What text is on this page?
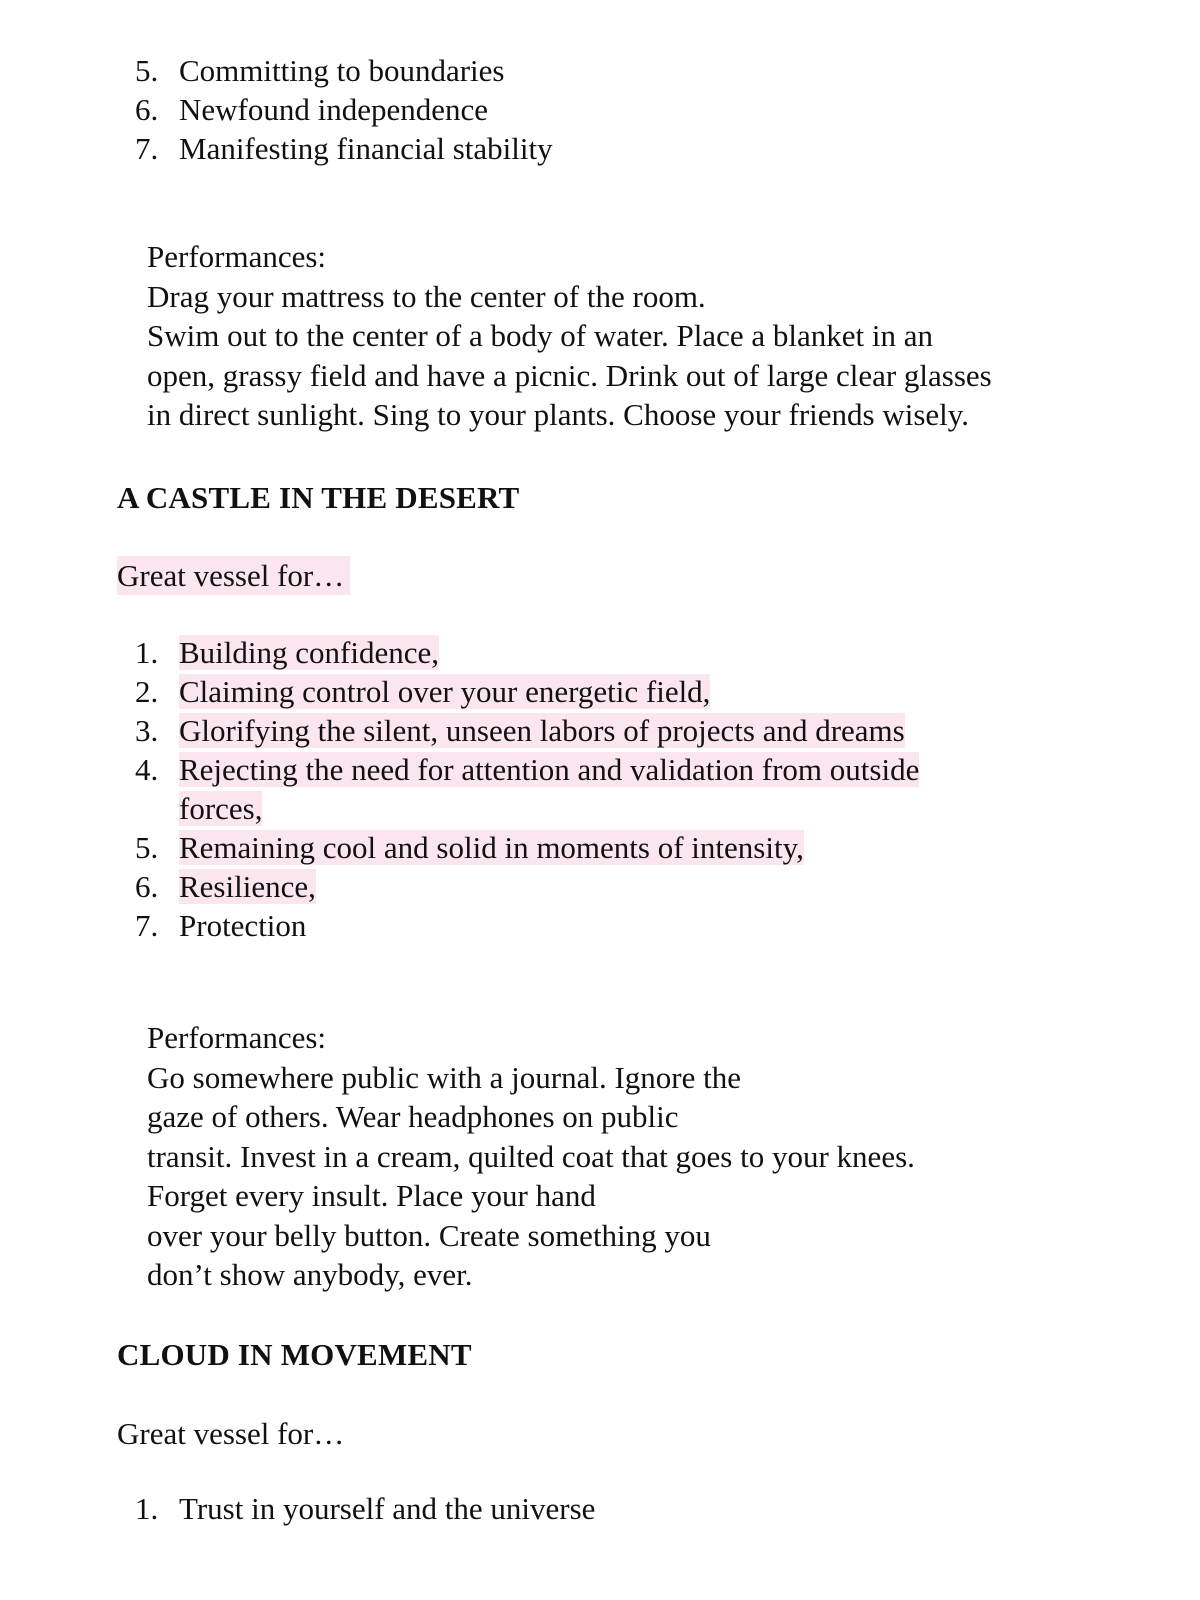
5. Committing to boundaries
6. Newfound independence
7. Manifesting financial stability
Performances:
Drag your mattress to the center of the room.
Swim out to the center of a body of water. Place a blanket in an
open, grassy field and have a picnic. Drink out of large clear glasses
in direct sunlight. Sing to your plants. Choose your friends wisely.
A CASTLE IN THE DESERT
Great vessel for…
1. Building confidence,
2. Claiming control over your energetic field,
3. Glorifying the silent, unseen labors of projects and dreams
4. Rejecting the need for attention and validation from outside
forces,
5. Remaining cool and solid in moments of intensity,
6. Resilience,
7. Protection
Performances:
Go somewhere public with a journal. Ignore the
gaze of others. Wear headphones on public
transit. Invest in a cream, quilted coat that goes to your knees.
Forget every insult. Place your hand
over your belly button. Create something you
don’t show anybody, ever.
CLOUD IN MOVEMENT
Great vessel for…
1. Trust in yourself and the universe
